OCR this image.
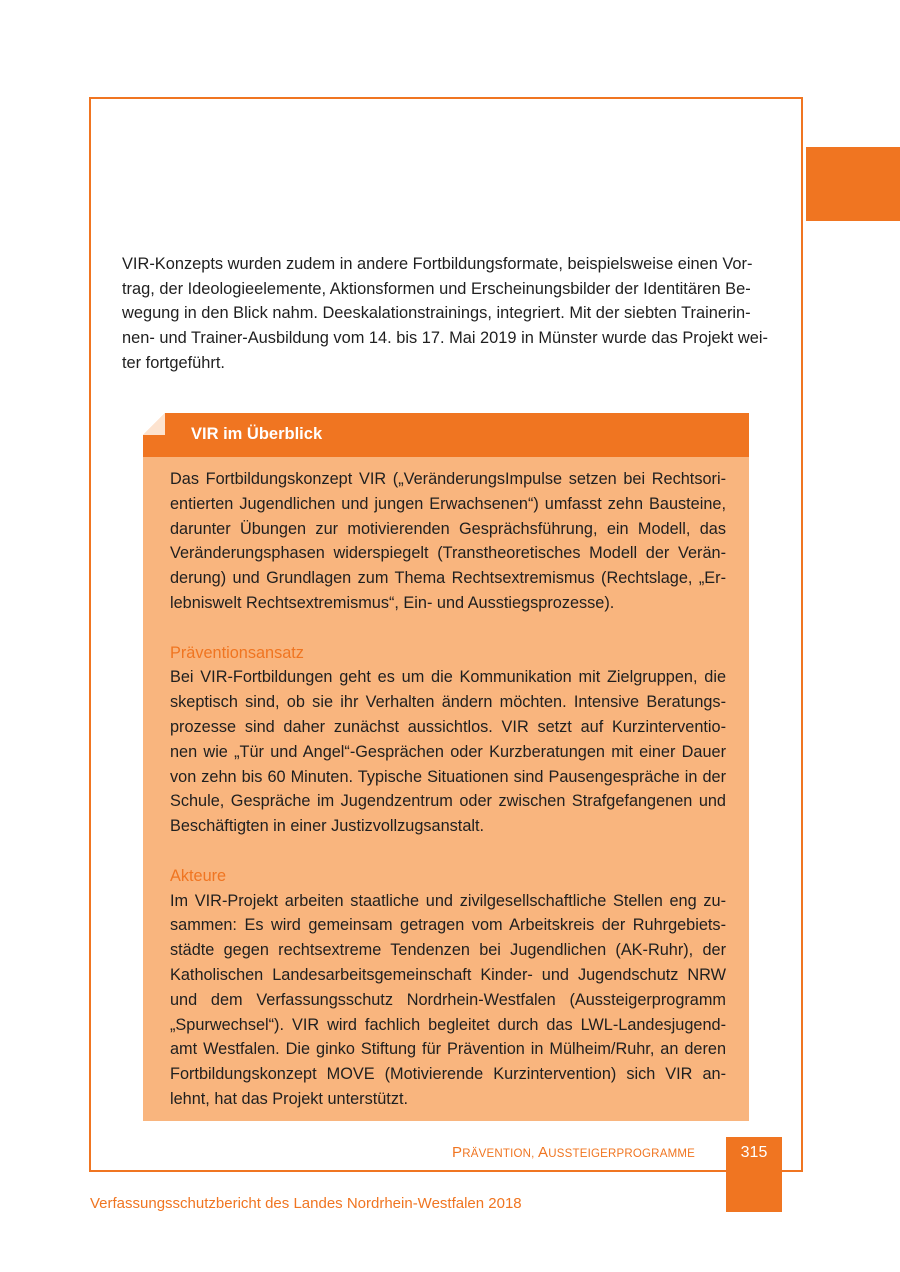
VIR-Konzepts wurden zudem in andere Fortbildungsformate, beispielsweise einen Vor-
trag, der Ideologieelemente, Aktionsformen und Erscheinungsbilder der Identitären Be-
wegung in den Blick nahm. Deeskalationstrainings, integriert. Mit der siebten Trainerin-
nen- und Trainer-Ausbildung vom 14. bis 17. Mai 2019 in Münster wurde das Projekt wei-
ter fortgeführt.

VIR im Überblick
Das Fortbildungskonzept VIR („VeränderungsImpulse setzen bei Rechtsori-
entierten Jugendlichen und jungen Erwachsenen“) umfasst zehn Bausteine,
darunter Übungen zur motivierenden Gesprächsführung, ein Modell, das
Veränderungsphasen widerspiegelt (Transtheoretisches Modell der Verän-
derung) und Grundlagen zum Thema Rechtsextremismus (Rechtslage, „Er-
lebniswelt Rechtsextremismus“, Ein- und Ausstiegsprozesse).
Präventionsansatz
Bei VIR-Fortbildungen geht es um die Kommunikation mit Zielgruppen, die
skeptisch sind, ob sie ihr Verhalten ändern möchten. Intensive Beratungs-
prozesse sind daher zunächst aussichtlos. VIR setzt auf Kurzinterventio-
nen wie „Tür und Angel“-Gesprächen oder Kurzberatungen mit einer Dauer
von zehn bis 60 Minuten. Typische Situationen sind Pausengespräche in der
Schule, Gespräche im Jugendzentrum oder zwischen Strafgefangenen und
Beschäftigten in einer Justizvollzugsanstalt.
Akteure
Im VIR-Projekt arbeiten staatliche und zivilgesellschaftliche Stellen eng zu-
sammen: Es wird gemeinsam getragen vom Arbeitskreis der Ruhrgebiets-
städte gegen rechtsextreme Tendenzen bei Jugendlichen (AK-Ruhr), der
Katholischen Landesarbeitsgemeinschaft Kinder- und Jugendschutz NRW
und dem Verfassungsschutz Nordrhein-Westfalen (Aussteigerprogramm
„Spurwechsel“). VIR wird fachlich begleitet durch das LWL-Landesjugend-
amt Westfalen. Die ginko Stiftung für Prävention in Mülheim/Ruhr, an deren
Fortbildungskonzept MOVE (Motivierende Kurzintervention) sich VIR an-
lehnt, hat das Projekt unterstützt.
PRÄVENTION, AUSSTEIGERPROGRAMME	315
Verfassungsschutzbericht des Landes Nordrhein-Westfalen 2018
